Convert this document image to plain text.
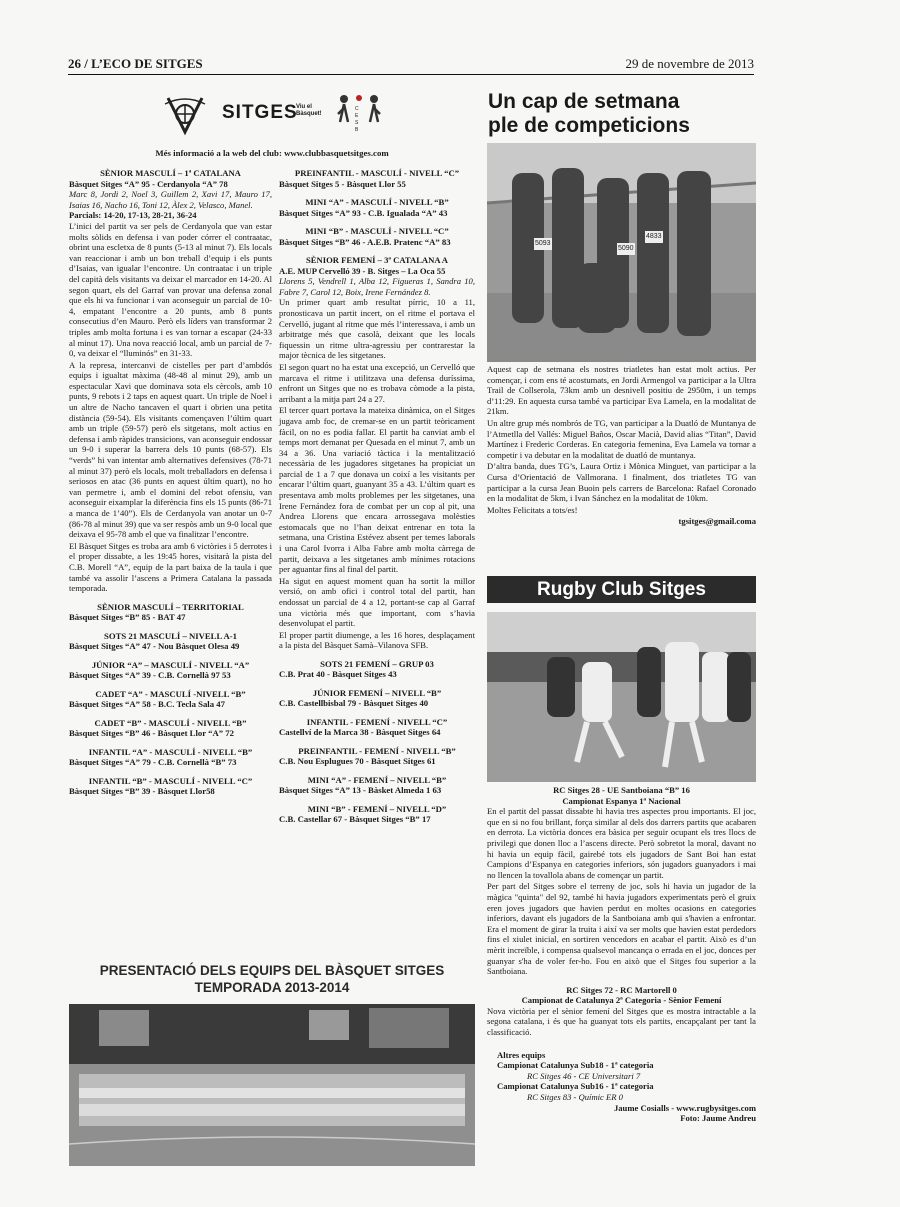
26 / L’ECO DE SITGES	29 de novembre de 2013
SITGES
Viu el Bàsquet!
C E S B
Més informació a la web del club: www.clubbasquetsitges.com
SÈNIOR MASCULÍ – 1ª CATALANA
Bàsquet Sitges “A” 95 - Cerdanyola “A” 78
Marc 8, Jordi 2, Noel 3, Guillem 2, Xavi 17, Mauro 17, Isaias 16, Nacho 16, Toni 12, Àlex 2, Velasco, Manel.
Parcials: 14-20, 17-13, 28-21, 36-24

L’inici del partit va ser pels de Cerdanyola que van estar molts sòlids en defensa i van poder córrer el contraatac, obrint una escletxa de 8 punts (5-13 al minut 7). Els locals van reaccionar i amb un bon treball d’equip i els punts d’Isaias, van igualar l’encontre. Un contraatac i un triple del capità dels visitants va deixar el marcador en 14-20. Al segon quart, els del Garraf van provar una defensa zonal que els hi va funcionar i van aconseguir un parcial de 10-4, empatant l’encontre a 20 punts, amb 8 punts consecutius d’en Mauro. Però els líders van transformar 2 triples amb molta fortuna i es van tornar a escapar (24-33 al minut 17). Una nova reacció local, amb un parcial de 7-0, va deixar el “lluminós” en 31-33.

A la represa, intercanvi de cistelles per part d’ambdós equips i igualtat màxima (48-48 al minut 29), amb un espectacular Xavi que dominava sota els cèrcols, amb 10 punts, 9 rebots i 2 taps en aquest quart. Un triple de Noel i un altre de Nacho tancaven el quart i obrien una petita distància (59-54). Els visitants començaven l’últim quart amb un triple (59-57) però els sitgetans, molt actius en defensa i amb ràpides transicions, van aconseguir endossar un 9-0 i superar la barrera dels 10 punts (68-57). Els “verds” hi van intentar amb alternatives defensives (78-71 al minut 37) però els locals, molt treballadors en defensa i seriosos en atac (36 punts en aquest últim quart), no ho van permetre i, amb el domini del rebot ofensiu, van aconseguir eixamplar la diferència fins els 15 punts (86-71 a manca de 1’40”). Els de Cerdanyola van anotar un 0-7 (86-78 al minut 39) que va ser respòs amb un 9-0 local que deixava el 95-78 amb el que va finalitzar l’encontre.

El Bàsquet Sitges es troba ara amb 6 victòries i 5 derrotes i el proper dissabte, a les 19:45 hores, visitarà la pista del C.B. Morell “A”, equip de la part baixa de la taula i que també va assolir l’ascens a Primera Catalana la passada temporada.

SÈNIOR MASCULÍ – TERRITORIAL
Bàsquet Sitges “B” 85 - BAT 47
SOTS 21 MASCULÍ – NIVELL A-1
Bàsquet Sitges “A” 47 - Nou Bàsquet Olesa 49
JÚNIOR “A” – MASCULÍ - NIVELL “A”
Bàsquet Sitges “A” 39 - C.B. Cornellà 97 53
CADET “A” - MASCULÍ -NIVELL “B”
Bàsquet Sitges “A” 58 - B.C. Tecla Sala 47
CADET “B” - MASCULÍ - NIVELL “B”
Bàsquet Sitges “B” 46 - Bàsquet Llor “A” 72
INFANTIL “A” - MASCULÍ - NIVELL “B”
Bàsquet Sitges “A” 79 - C.B. Cornellà “B” 73
INFANTIL “B” - MASCULÍ - NIVELL “C”
Bàsquet Sitges “B” 39 - Bàsquet Llor58
PREINFANTIL - MASCULÍ - NIVELL “C”
Bàsquet Sitges 5 - Bàsquet Llor 55
MINI “A” - MASCULÍ - NIVELL “B”
Bàsquet Sitges “A” 93 - C.B. Igualada “A” 43
MINI “B” - MASCULÍ - NIVELL “C”
Bàsquet Sitges “B” 46 - A.E.B. Pratenc “A” 83
SÈNIOR FEMENÍ – 3ª CATALANA A
A.E. MUP Cervelló 39 - B. Sitges – La Oca 55
Llorens 5, Vendrell 1, Alba 12, Figueras 1, Sandra 10, Fabre 7, Carol 12, Boix, Irene Fernández 8.

Un primer quart amb resultat pírric, 10 a 11, pronosticava un partit incert, on el ritme el portava el Cervelló, jugant al ritme que més l’interessava, i amb un arbitratge més que casolà, deixant que les locals fiquessin un ritme ultra-agressiu per contrarestar la major tècnica de les sitgetanes.

El segon quart no ha estat una excepció, un Cervelló que marcava el ritme i utilitzava una defensa duríssima, enfront un Sitges que no es trobava còmode a la pista, arribant a la mitja part 24 a 27.

El tercer quart portava la mateixa dinàmica, on el Sitges jugava amb foc, de cremar-se en un partit teòricament fàcil, on no es podia fallar. El partit ha canviat amb el temps mort demanat per Quesada en el minut 7, amb un 34 a 36. Una variació tàctica i la mentalització necessària de les jugadores sitgetanes ha propiciat un parcial de 1 a 7 que donava un coixí a les visitants per encarar l’últim quart, guanyant 35 a 43. L’últim quart es presentava amb molts problemes per les sitgetanes, una Irene Fernández fora de combat per un cop al pit, una Andrea Llorens que encara arrossegava molèsties estomacals que no l’han deixat entrenar en tota la setmana, una Cristina Estévez absent per temes laborals i una Carol Ivorra i Alba Fabre amb molta càrrega de partit, deixava a les sitgetanes amb mínimes rotacions per aguantar fins al final del partit.

Ha sigut en aquest moment quan ha sortit la millor versió, on amb ofici i control total del partit, han endossat un parcial de 4 a 12, portant-se cap al Garraf una victòria més que important, com s’havia desenvolupat el partit.

El proper partit diumenge, a les 16 hores, desplaçament a la pista del Bàsquet Samà–Vilanova SFB.

SOTS 21 FEMENÍ – GRUP 03
C.B. Prat 40 - Bàsquet Sitges 43
JÚNIOR FEMENÍ – NIVELL “B”
C.B. Castellbisbal 79 - Bàsquet Sitges 40
INFANTIL - FEMENÍ - NIVELL “C”
Castellví de la Marca 38 - Bàsquet Sitges 64
PREINFANTIL - FEMENÍ - NIVELL “B”
C.B. Nou Esplugues 70 - Bàsquet Sitges 61
MINI “A” - FEMENÍ – NIVELL “B”
Bàsquet Sitges “A” 13 - Bàsket Almeda 1 63
MINI “B” - FEMENÍ – NIVELL “D”
C.B. Castellar 67 - Bàsquet Sitges “B” 17
PRESENTACIÓ DELS EQUIPS DEL BÀSQUET SITGES
TEMPORADA 2013-2014
Un cap de setmana
ple de competicions
5093
5090
4833

Aquest cap de setmana els nostres triatletes han estat molt actius. Per començar, i com ens té acostumats, en Jordi Armengol va participar a la Ultra Trail de Collserola, 73km amb un desnivell positiu de 2950m, i un temps d’11:29. En aquesta cursa també va participar Eva Lamela, en la modalitat de 21km.

Un altre grup més nombrós de TG, van participar a la Duatló de Muntanya de l’Atmetlla del Vallés: Miguel Baños, Oscar Macià, David alias “Titan”, David Martínez i Frederic Corderas. En categoria femenina, Eva Lamela va tornar a competir i va debutar en la modalitat de duatló de muntanya.

D’altra banda, dues TG’s, Laura Ortiz i Mònica Minguet, van participar a la Cursa d’Orientació de Vallmorana. I finalment, dos triatletes TG van participar a la cursa Jean Buoin pels carrers de Barcelona: Rafael Coronado en la modalitat de 5km, i Ivan Sánchez en la modalitat de 10km.

Moltes Felicitats a tots/es!

tgsitges@gmail.coma
Rugby Club Sitges
RC Sitges 28 - UE Santboiana “B” 16
Campionat Espanya 1ª Nacional

En el partit del passat dissabte hi havia tres aspectes prou importants. El joc, que en si no fou brillant, força similar al dels dos darrers partits que acabaren en derrota. La victòria donces era bàsica per seguir ocupant els tres llocs de privilegi que donen lloc a l’ascens directe. Però sobretot la moral, davant no hi havia un equip fàcil, gairebé tots els jugadors de Sant Boi han estat Campions d’Espanya en categories inferiors, són jugadors guanyadors i mai no llencen la tovallola abans de començar un partit.

Per part del Sitges sobre el terreny de joc, sols hi havia un jugador de la màgica "quinta" del 92, també hi havia jugadors experimentats però el gruix eren joves jugadors que havien perdut en moltes ocasions en categories inferiors, davant els jugadors de la Santboiana amb qui s'havien a enfrontar. Era el moment de girar la truita i així va ser molts que havien estat perdedors fins el xiulet inicial, en sortiren vencedors en acabar el partit. Això es d’un mèrit increïble, i compensa qualsevol mancança o errada en el joc, donces per guanyar s'ha de voler fer-ho. Fou en això que el Sitges fou superior a la Santboiana.

RC Sitges 72 - RC Martorell 0
Campionat de Catalunya 2ª Categoria - Sènior Femení

Nova victòria per el sènior femení del Sitges que es mostra intractable a la segona catalana, i és que ha guanyat tots els partits, encapçalant per tant la classificació.

Altres equips
Campionat Catalunya Sub18 - 1ª categoria
RC Sitges 46 - CE Universitari 7
Campionat Catalunya Sub16 - 1ª categoria
RC Sitges 83 - Químic ER 0
Jaume Cosialls - www.rugbysitges.com
Foto: Jaume Andreu
